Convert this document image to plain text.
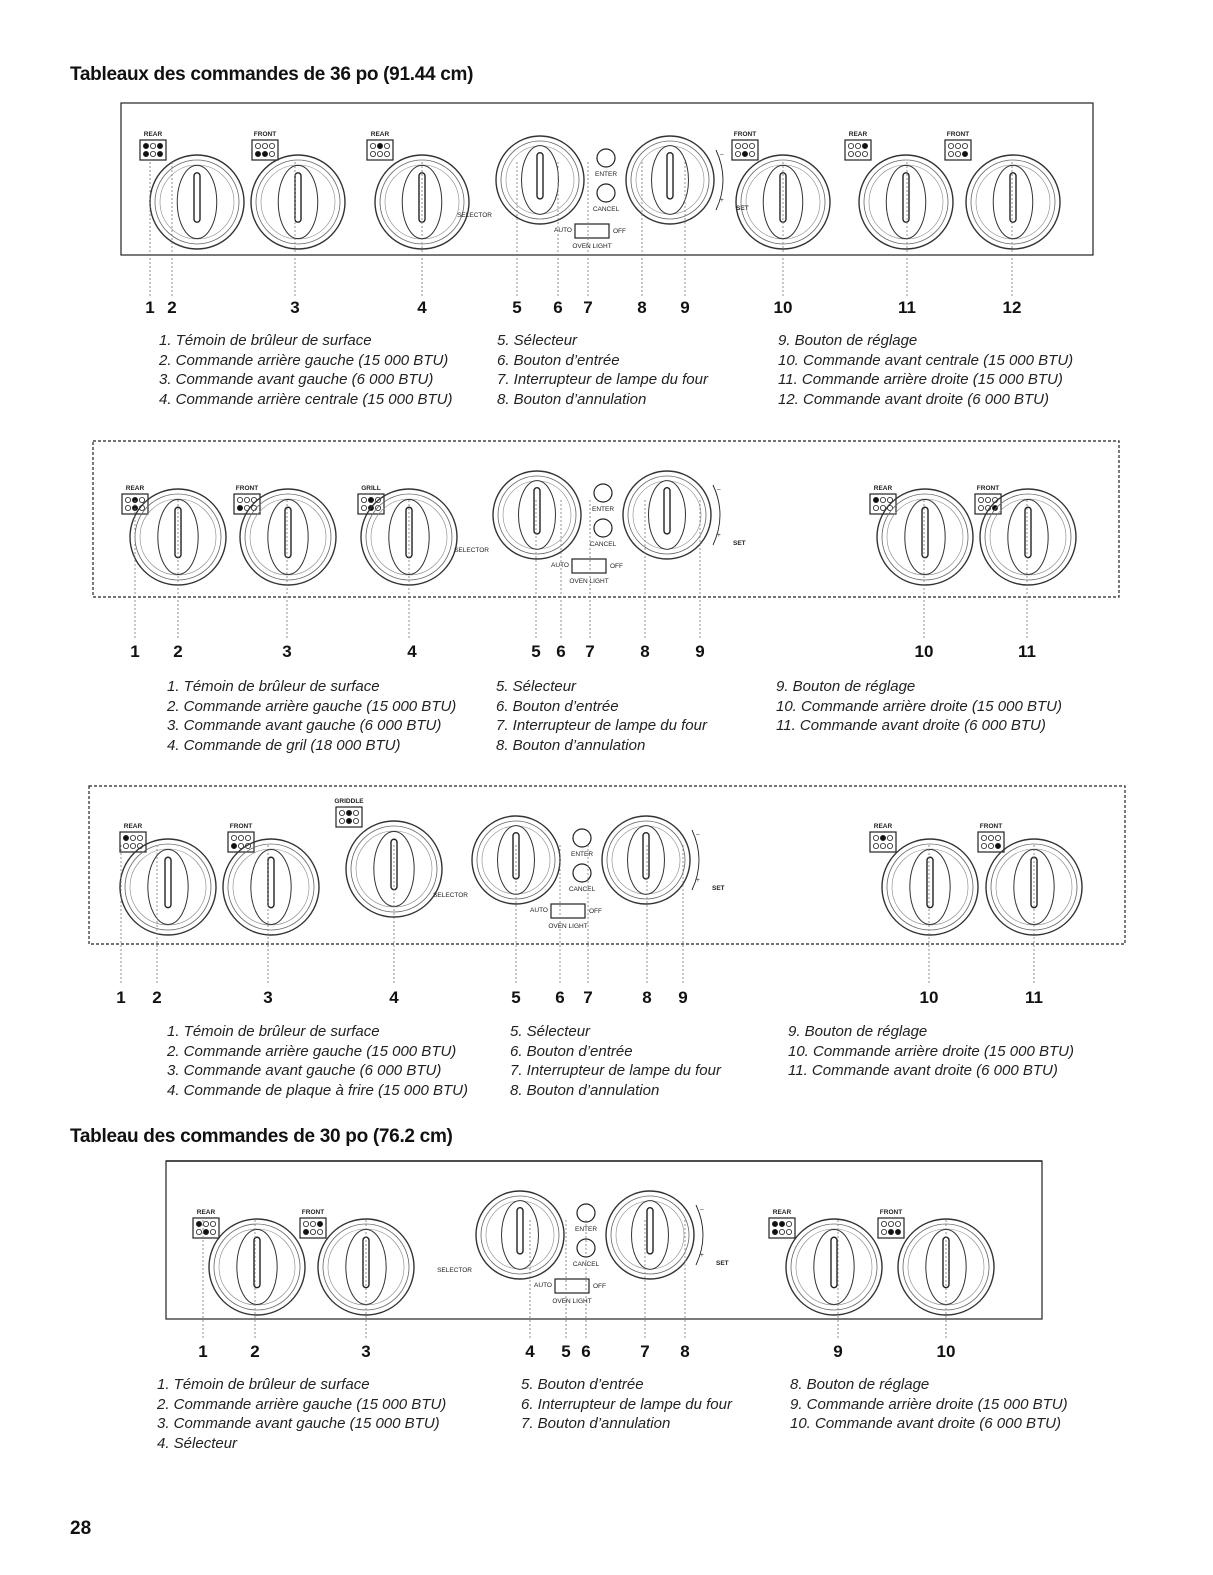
Tableaux des commandes de 36 po (91.44 cm)
REAR	FRONT	REAR	FRONT	REAR	FRONT
ENTER
CANCEL
SELECTOR
AUTO	OFF
OVEN LIGHT
SET
–
+
1 2	3	4	5 6 7	8 9	10	11	12
1. Témoin de brûleur de surface
2. Commande arrière gauche (15 000 BTU)
3. Commande avant gauche (6 000 BTU)
4. Commande arrière centrale (15 000 BTU)
5. Sélecteur
6. Bouton d’entrée
7. Interrupteur de lampe du four
8. Bouton d’annulation
9. Bouton de réglage
10. Commande avant centrale (15 000 BTU)
11. Commande arrière droite (15 000 BTU)
12. Commande avant droite (6 000 BTU)
REAR	FRONT	GRILL	REAR	FRONT
ENTER
CANCEL
SELECTOR
AUTO	OFF
OVEN LIGHT
SET
–
+
1 2	3	4	5 6 7	8	9	10	11
1. Témoin de brûleur de surface
2. Commande arrière gauche (15 000 BTU)
3. Commande avant gauche (6 000 BTU)
4. Commande de gril (18 000 BTU)
5. Sélecteur
6. Bouton d’entrée
7. Interrupteur de lampe du four
8. Bouton d’annulation
9. Bouton de réglage
10. Commande arrière droite (15 000 BTU)
11. Commande avant droite (6 000 BTU)
REAR	FRONT
GRIDDLE
REAR	FRONT
ENTER
CANCEL
SELECTOR
AUTO	OFF
OVEN LIGHT
SET
–
+
1 2	3	4	5 6 7	8 9	10	11
1. Témoin de brûleur de surface
2. Commande arrière gauche (15 000 BTU)
3. Commande avant gauche (6 000 BTU)
4. Commande de plaque à frire (15 000 BTU)
5. Sélecteur
6. Bouton d’entrée
7. Interrupteur de lampe du four
8. Bouton d’annulation
9. Bouton de réglage
10. Commande arrière droite (15 000 BTU)
11. Commande avant droite (6 000 BTU)
Tableau des commandes de 30 po (76.2 cm)
REAR	FRONT	REAR	FRONT
ENTER
CANCEL
SELECTOR
AUTO	OFF
OVEN LIGHT
SET
–
+
1	2	3	4 5 6	7 8	9	10
1. Témoin de brûleur de surface
2. Commande arrière gauche (15 000 BTU)
3. Commande avant gauche (15 000 BTU)
4. Sélecteur
5. Bouton d’entrée
6. Interrupteur de lampe du four
7. Bouton d’annulation
8. Bouton de réglage
9. Commande arrière droite (15 000 BTU)
10. Commande avant droite (6 000 BTU)
28
